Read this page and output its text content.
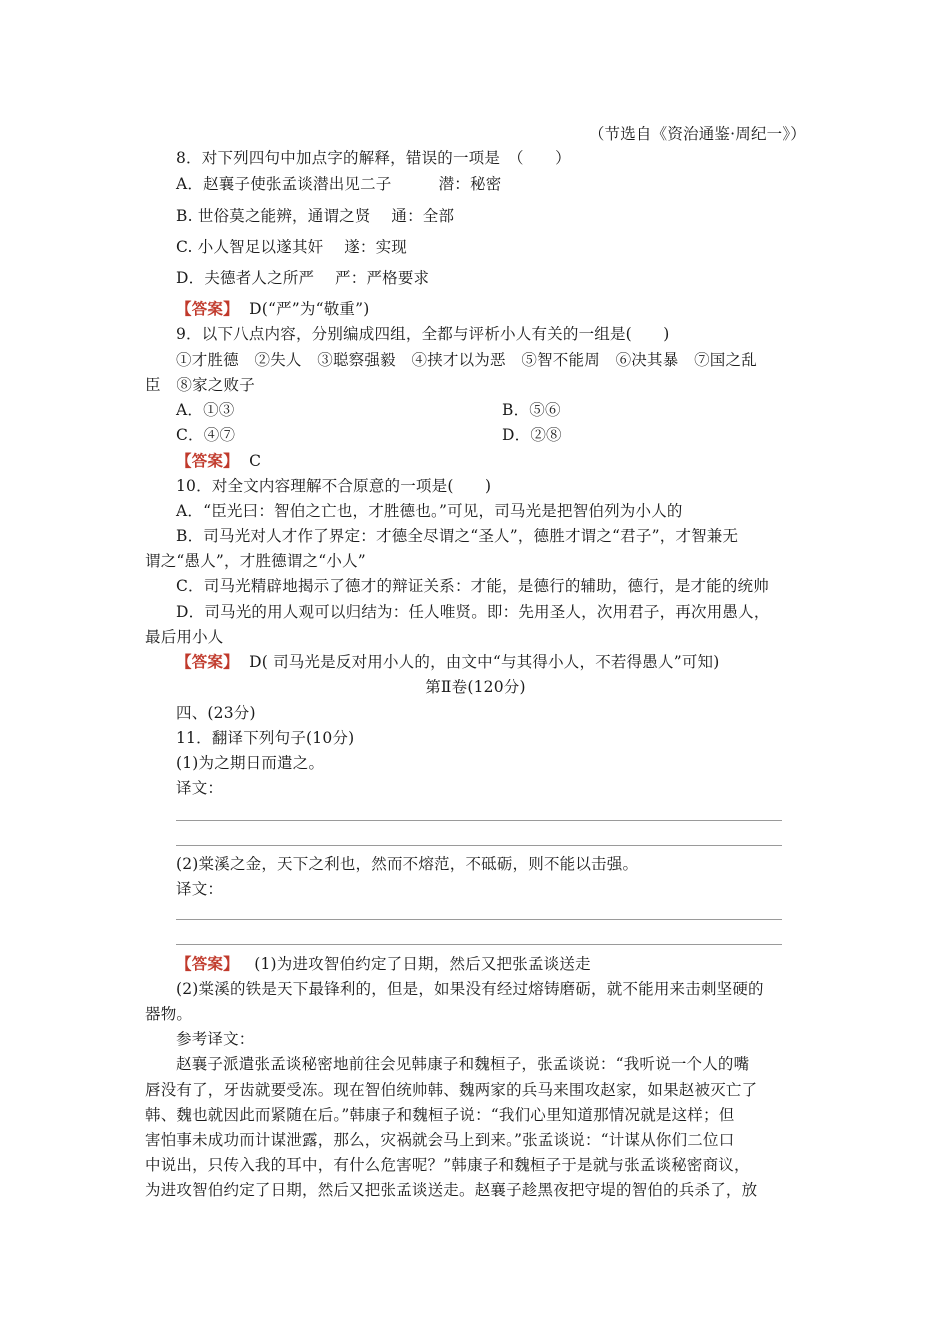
（节选自《资治通鉴·周纪一》）
8．对下列四句中加点字的解释，错误的一项是　（　　）
A．赵襄子使张孟谈潜出见二子　　　潜：秘密
B. 世俗莫之能辨，通谓之贤　 通：全部
C. 小人智足以遂其奸　 遂：实现
D．夫德者人之所严　 严：严格要求
【答案】 D(“严”为“敬重”)
9．以下八点内容，分别编成四组，全都与评析小人有关的一组是(　　)
①才胜德　②失人　③聪察强毅　④挟才以为恶　⑤智不能周　⑥决其暴　⑦国之乱
臣　⑧家之败子
A．①③	B．⑤⑥
C．④⑦	D．②⑧
【答案】 C
10．对全文内容理解不合原意的一项是(　　)
A．“臣光曰：智伯之亡也，才胜德也。”可见，司马光是把智伯列为小人的
B．司马光对人才作了界定：才德全尽谓之“圣人”，德胜才谓之“君子”，才智兼无
谓之“愚人”，才胜德谓之“小人”
C．司马光精辟地揭示了德才的辩证关系：才能，是德行的辅助，德行，是才能的统帅
D．司马光的用人观可以归结为：任人唯贤。即：先用圣人，次用君子，再次用愚人，
最后用小人
【答案】 D( 司马光是反对用小人的，由文中“与其得小人，不若得愚人”可知)
第Ⅱ卷(120分)
四、(23分)
11．翻译下列句子(10分)
(1)为之期日而遣之。
译文：
(2)棠溪之金，天下之利也，然而不熔范，不砥砺，则不能以击强。
译文：
【答案】 (1)为进攻智伯约定了日期，然后又把张孟谈送走
(2)棠溪的铁是天下最锋利的，但是，如果没有经过熔铸磨砺，就不能用来击刺坚硬的
器物。
参考译文：
赵襄子派遣张孟谈秘密地前往会见韩康子和魏桓子，张孟谈说：“我听说一个人的嘴
唇没有了，牙齿就要受冻。现在智伯统帅韩、魏两家的兵马来围攻赵家，如果赵被灭亡了
韩、魏也就因此而紧随在后。”韩康子和魏桓子说：“我们心里知道那情况就是这样；但
害怕事未成功而计谋泄露，那么，灾祸就会马上到来。”张孟谈说：“计谋从你们二位口
中说出，只传入我的耳中，有什么危害呢？”韩康子和魏桓子于是就与张孟谈秘密商议，
为进攻智伯约定了日期，然后又把张孟谈送走。赵襄子趁黑夜把守堤的智伯的兵杀了，放
